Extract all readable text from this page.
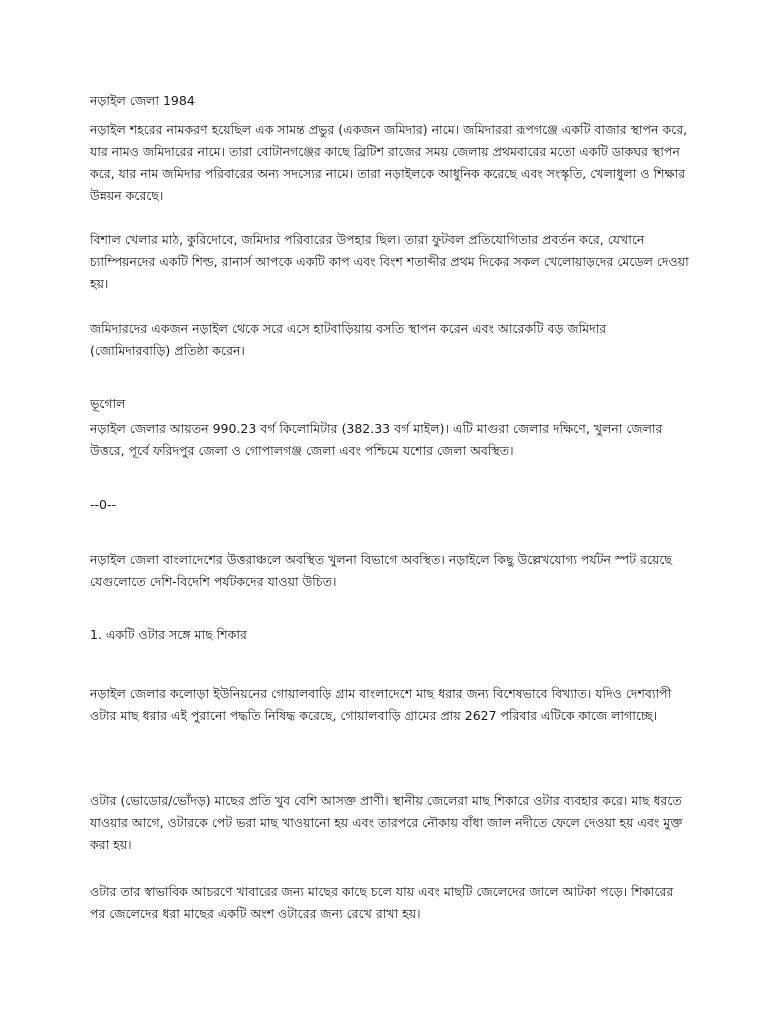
নড়াইল জেলা 1984

নড়াইল শহরের নামকরণ হয়েছিল এক সামন্ত প্রভুর (একজন জমিদার) নামে। জমিদাররা রূপগঞ্জে একটি বাজার স্থাপন করে, যার নামও জমিদারের নামে। তারা বোটানগঞ্জের কাছে ব্রিটিশ রাজের সময় জেলায় প্রথমবারের মতো একটি ডাকঘর স্থাপন করে, যার নাম জমিদার পরিবারের অন্য সদস্যের নামে। তারা নড়াইলকে আধুনিক করেছে এবং সংস্কৃতি, খেলাধুলা ও শিক্ষার উন্নয়ন করেছে।

বিশাল খেলার মাঠ, কুরিদোবে, জমিদার পরিবারের উপহার ছিল। তারা ফুটবল প্রতিযোগিতার প্রবর্তন করে, যেখানে চ্যাম্পিয়নদের একটি শিল্ড, রানার্স আপকে একটি কাপ এবং বিংশ শতাব্দীর প্রথম দিকের সকল খেলোয়াড়দের মেডেল দেওয়া হয়।

জমিদারদের একজন নড়াইল থেকে সরে এসে হাটবাড়িয়ায় বসতি স্থাপন করেন এবং আরেকটি বড় জমিদার (জোমিদারবাড়ি) প্রতিষ্ঠা করেন।

ভূগোল

নড়াইল জেলার আয়তন 990.23 বর্গ কিলোমিটার (382.33 বর্গ মাইল)। এটি মাগুরা জেলার দক্ষিণে, খুলনা জেলার উত্তরে, পূর্বে ফরিদপুর জেলা ও গোপালগঞ্জ জেলা এবং পশ্চিমে যশোর জেলা অবস্থিত।

--0--

নড়াইল জেলা বাংলাদেশের উত্তরাঞ্চলে অবস্থিত খুলনা বিভাগে অবস্থিত। নড়াইলে কিছু উল্লেখযোগ্য পর্যটন স্পট রয়েছে যেগুলোতে দেশি-বিদেশি পর্যটকদের যাওয়া উচিত।

1. একটি ওটার সঙ্গে মাছ শিকার

নড়াইল জেলার কলোড়া ইউনিয়নের গোয়ালবাড়ি গ্রাম বাংলাদেশে মাছ ধরার জন্য বিশেষভাবে বিখ্যাত। যদিও দেশব্যাপী ওটার মাছ ধরার এই পুরানো পদ্ধতি নিষিদ্ধ করেছে, গোয়ালবাড়ি গ্রামের প্রায় 2627 পরিবার এটিকে কাজে লাগাচ্ছে।

ওটার (ভোডোর/ভোঁদড়) মাছের প্রতি খুব বেশি আসক্ত প্রাণী। স্থানীয় জেলেরা মাছ শিকারে ওটার ব্যবহার করে। মাছ ধরতে যাওয়ার আগে, ওটারকে পেট ভরা মাছ খাওয়ানো হয় এবং তারপরে নৌকায় বাঁধা জাল নদীতে ফেলে দেওয়া হয় এবং মুক্ত করা হয়।

ওটার তার স্বাভাবিক আচরণে খাবারের জন্য মাছের কাছে চলে যায় এবং মাছটি জেলেদের জালে আটকা পড়ে। শিকারের পর জেলেদের ধরা মাছের একটি অংশ ওটারের জন্য রেখে রাখা হয়।
